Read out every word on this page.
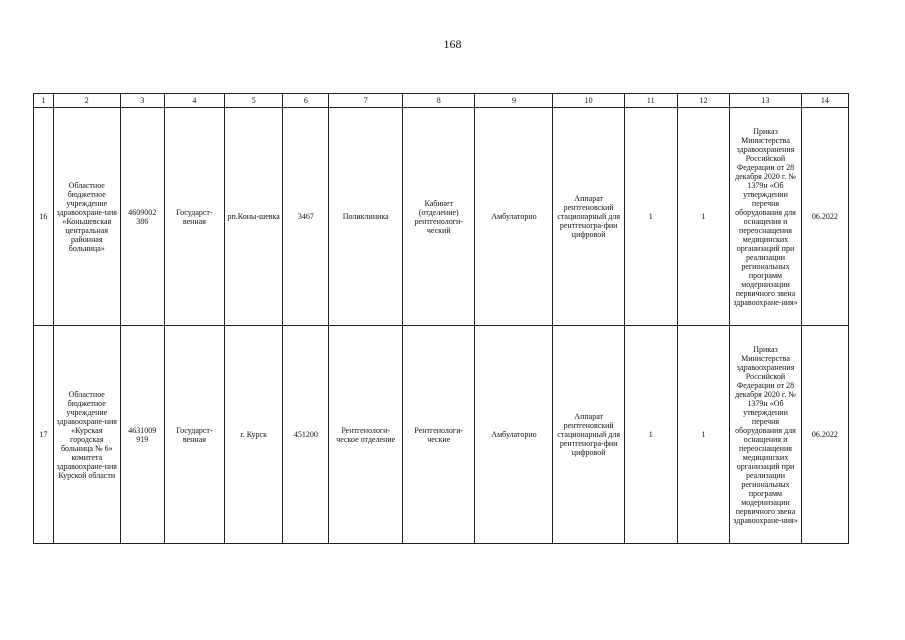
168
1	2	3	4	5	6	7	8	9	10	11	12	13	14
16	Областное бюджетное учреждение здравоохране-ния «Коньшевская центральная районная больница»	4609002 386	Государст-венная	рп.Коны-шевка	3467	Поликлиника	Кабинет (отделение) рентгенологи-ческий	Амбулаторно	Аппарат рентгеновский стационарный для рентгеногра-фии цифровой	1	1	Приказ Министерства здравоохранения Российской Федерации от 28 декабря 2020 г. № 1379н «Об утверждении перечня оборудования для оснащения и переоснащения медицинских организаций при реализации региональных программ модернизации первичного звена здравоохране-ния»	06.2022
17	Областное бюджетное учреждение здравоохране-ния «Курская городская больница № 6» комитета здравоохране-ния Курской области	4631009 919	Государст-венная	г. Курск	451200	Рентгенологи-ческое отделение	Рентгенологи-ческие	Амбулаторно	Аппарат рентгеновский стационарный для рентгеногра-фии цифровой	1	1	Приказ Министерства здравоохранения Российской Федерации от 28 декабря 2020 г. № 1379н «Об утверждении перечня оборудования для оснащения и переоснащения медицинских организаций при реализации региональных программ модернизации первичного звена здравоохране-ния»	06.2022
